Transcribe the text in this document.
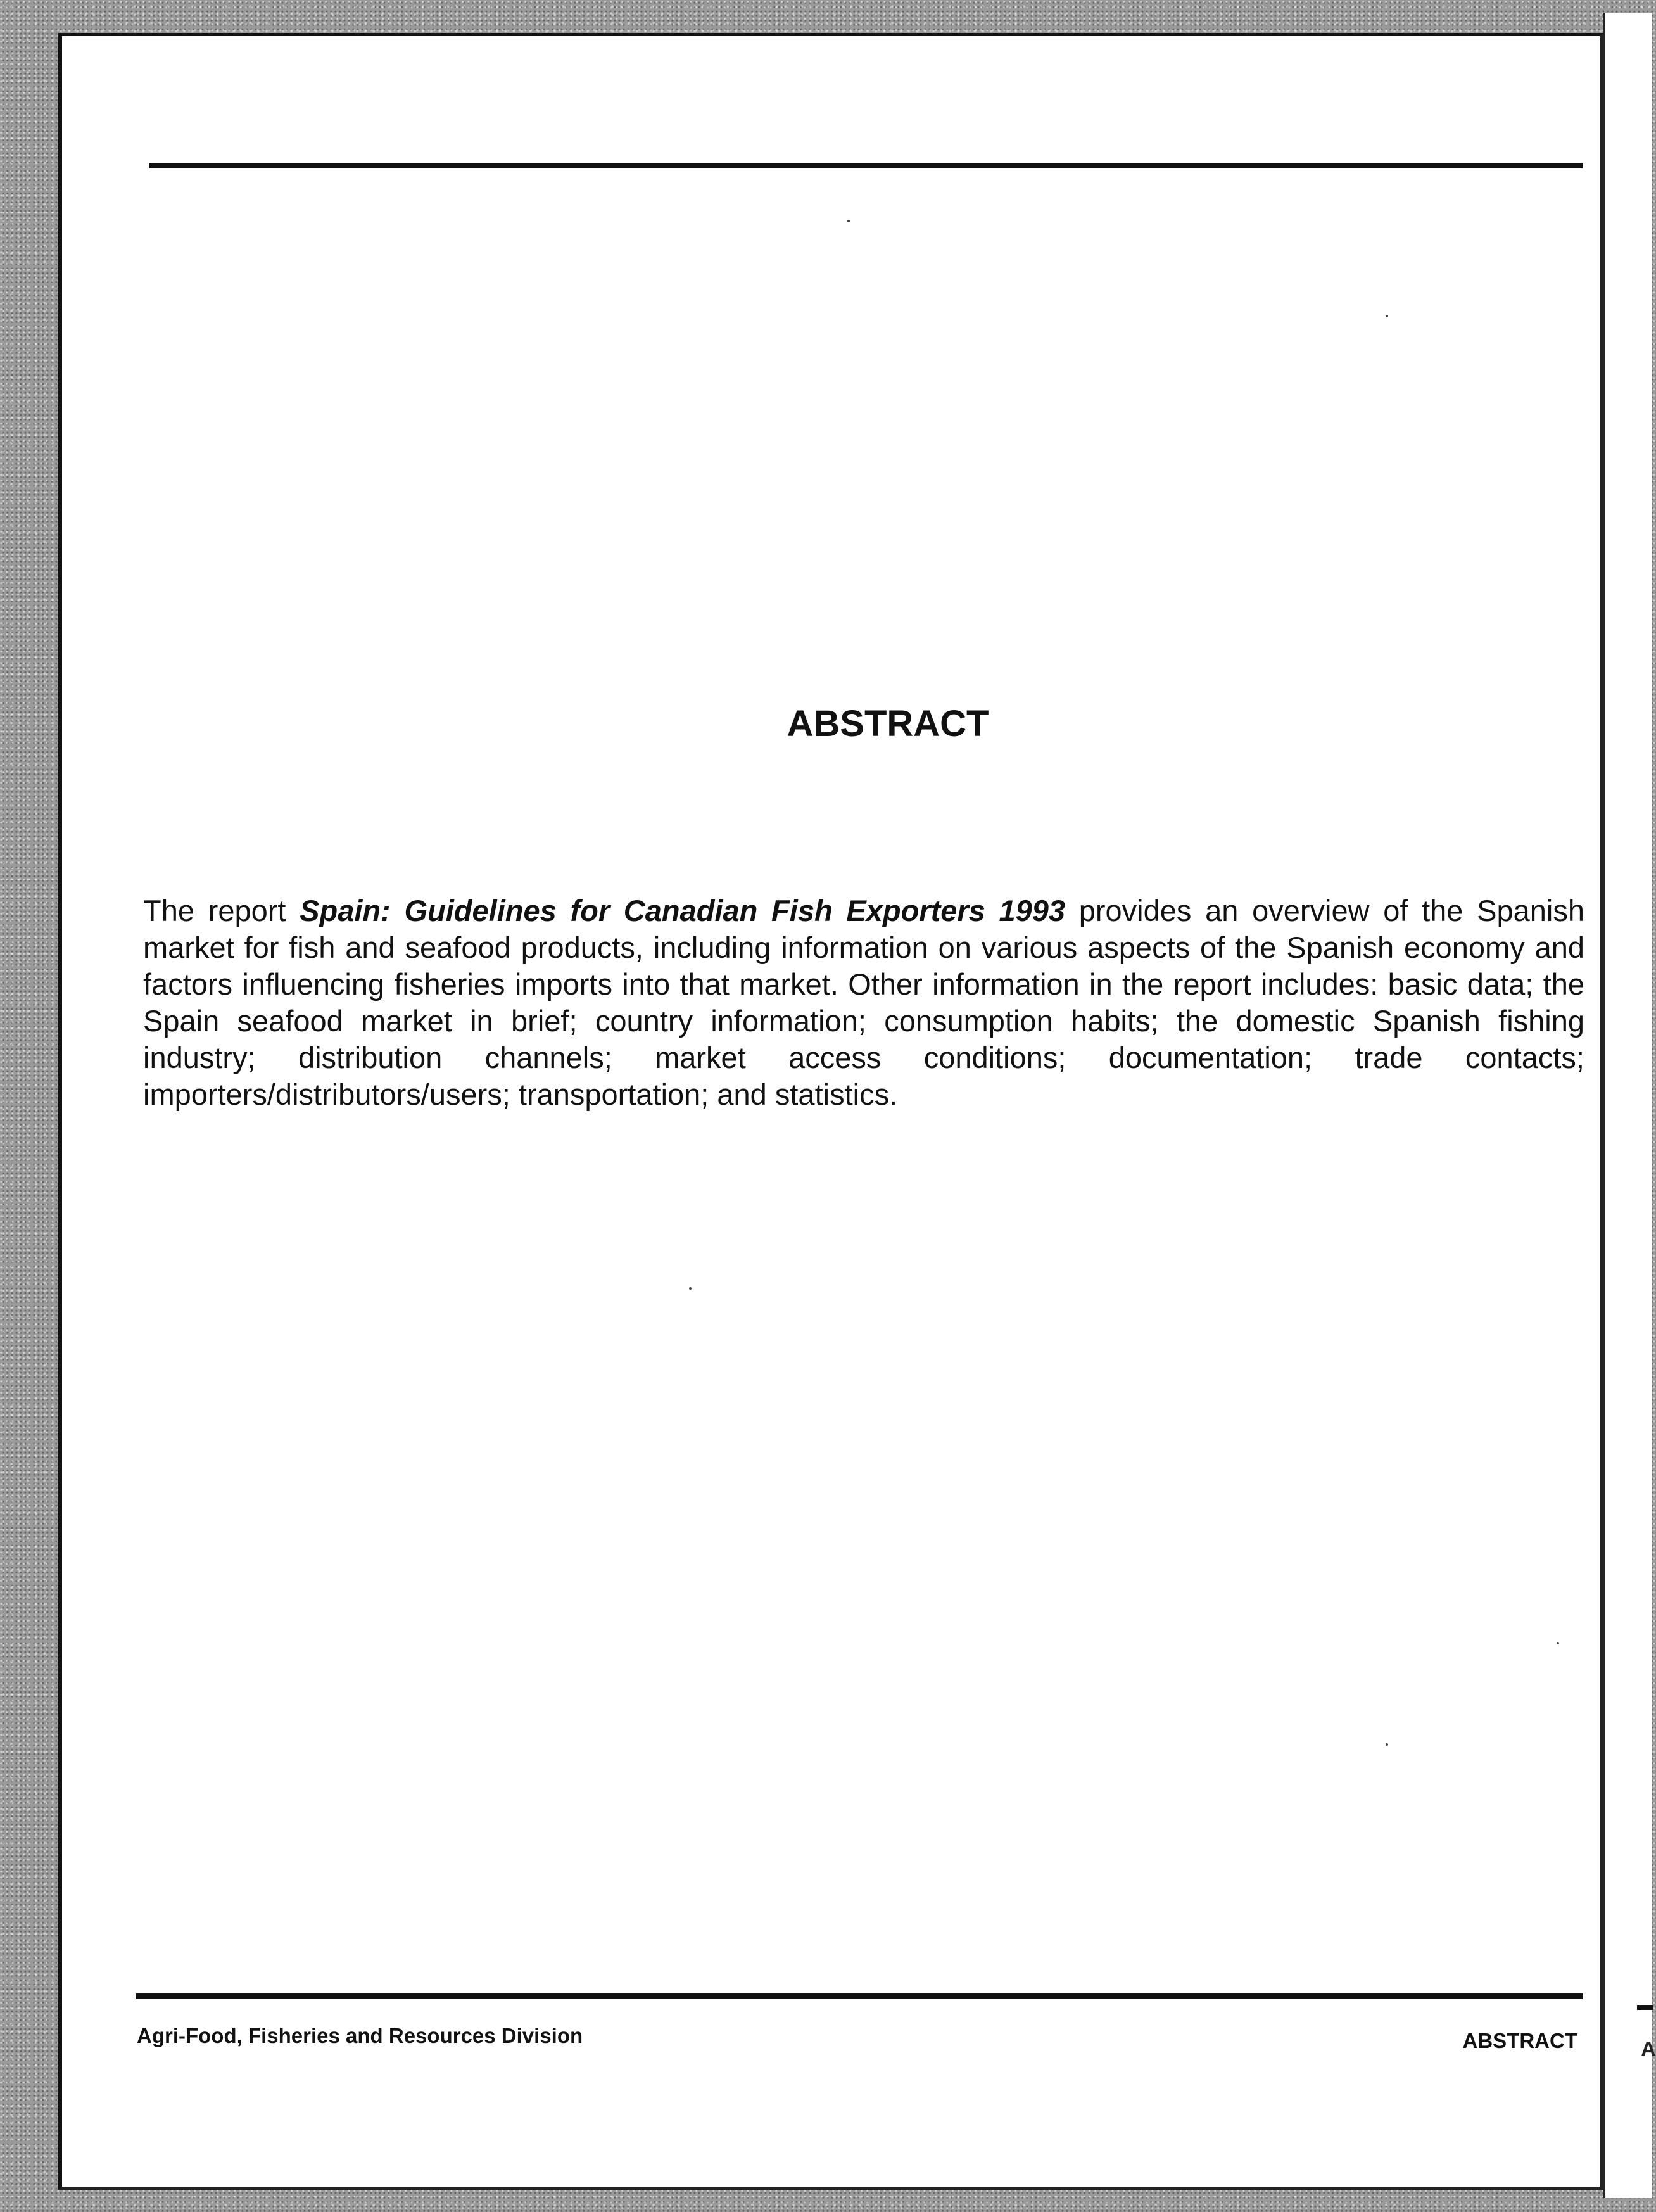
ABSTRACT

The report Spain: Guidelines for Canadian Fish Exporters 1993 provides an overview of the Spanish market for fish and seafood products, including information on various aspects of the Spanish economy and factors influencing fisheries imports into that market. Other information in the report includes: basic data; the Spain seafood market in brief; country information; consumption habits; the domestic Spanish fishing industry; distribution channels; market access conditions; documentation; trade contacts; importers/distributors/users; transportation; and statistics.

Agri-Food, Fisheries and Resources Division	ABSTRACT	A
